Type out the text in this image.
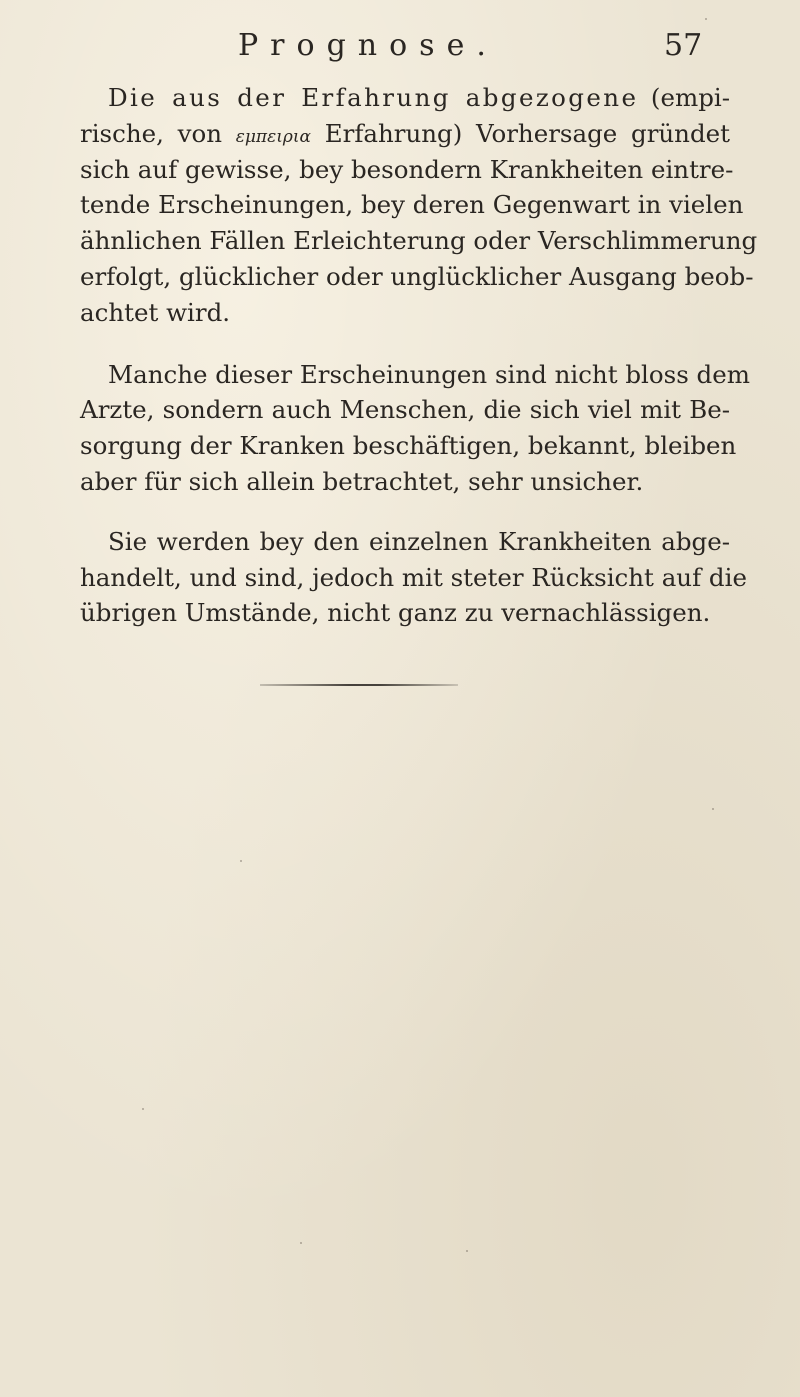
Prognose.	57

Die aus der Erfahrung abgezogene (empi-
rische, von εμπειρια Erfahrung) Vorhersage gründet
sich auf gewisse, bey besondern Krankheiten eintre-
tende Erscheinungen, bey deren Gegenwart in vielen
ähnlichen Fällen Erleichterung oder Verschlimmerung
erfolgt, glücklicher oder unglücklicher Ausgang beob-
achtet wird.

Manche dieser Erscheinungen sind nicht bloss dem
Arzte, sondern auch Menschen, die sich viel mit Be-
sorgung der Kranken beschäftigen, bekannt, bleiben
aber für sich allein betrachtet, sehr unsicher.

Sie werden bey den einzelnen Krankheiten abge-
handelt, und sind, jedoch mit steter Rücksicht auf die
übrigen Umstände, nicht ganz zu vernachlässigen.
